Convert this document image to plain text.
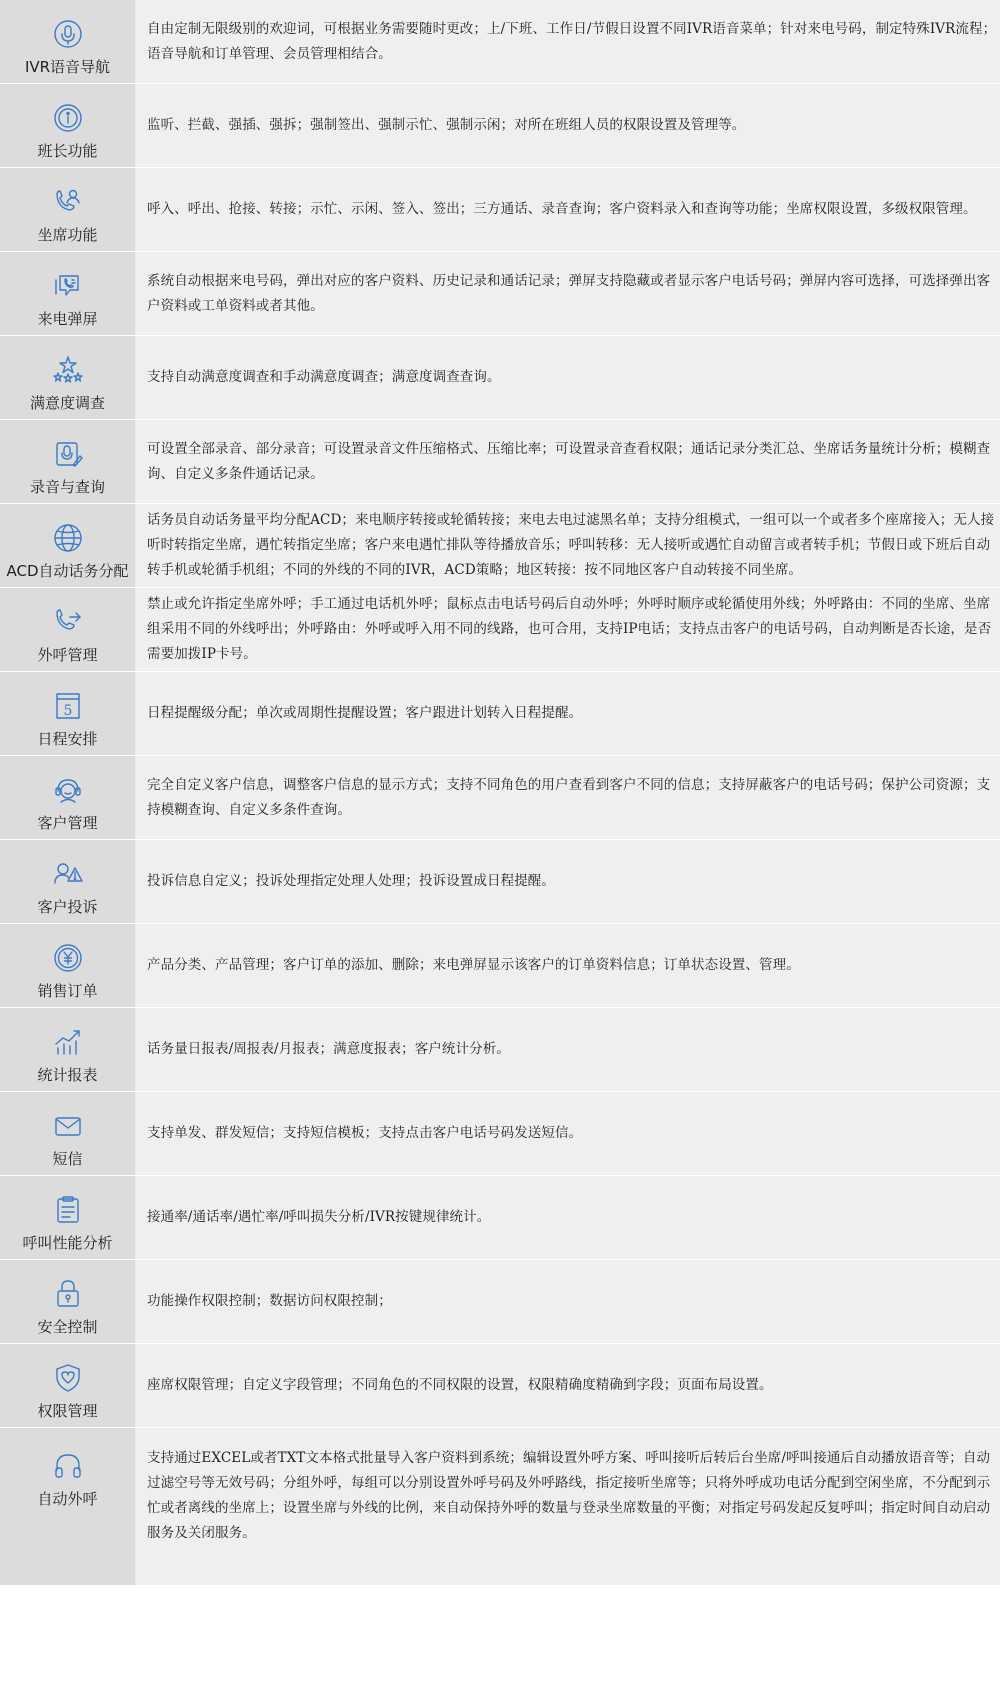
IVR语音导航
自由定制无限级别的欢迎词，可根据业务需要随时更改；上/下班、工作日/节假日设置不同IVR语音菜单；针对来电号码，制定特殊IVR流程；语音导航和订单管理、会员管理相结合。
班长功能
监听、拦截、强插、强拆；强制签出、强制示忙、强制示闲；对所在班组人员的权限设置及管理等。
坐席功能
呼入、呼出、抢接、转接；示忙、示闲、签入、签出；三方通话、录音查询；客户资料录入和查询等功能；坐席权限设置，多级权限管理。
来电弹屏
系统自动根据来电号码，弹出对应的客户资料、历史记录和通话记录；弹屏支持隐藏或者显示客户电话号码；弹屏内容可选择，可选择弹出客户资料或工单资料或者其他。
满意度调查
支持自动满意度调查和手动满意度调查；满意度调查查询。
录音与查询
可设置全部录音、部分录音；可设置录音文件压缩格式、压缩比率；可设置录音查看权限；通话记录分类汇总、坐席话务量统计分析；模糊查询、自定义多条件通话记录。
ACD自动话务分配
话务员自动话务量平均分配ACD；来电顺序转接或轮循转接；来电去电过滤黑名单；支持分组模式，一组可以一个或者多个座席接入；无人接听时转指定坐席，遇忙转指定坐席；客户来电遇忙排队等待播放音乐；呼叫转移：无人接听或遇忙自动留言或者转手机；节假日或下班后自动转手机或轮循手机组；不同的外线的不同的IVR，ACD策略；地区转接：按不同地区客户自动转接不同坐席。
外呼管理
禁止或允许指定坐席外呼；手工通过电话机外呼；鼠标点击电话号码后自动外呼；外呼时顺序或轮循使用外线；外呼路由：不同的坐席、坐席组采用不同的外线呼出；外呼路由：外呼或呼入用不同的线路，也可合用，支持IP电话；支持点击客户的电话号码，自动判断是否长途，是否需要加拨IP卡号。
5
日程安排
日程提醒级分配；单次或周期性提醒设置；客户跟进计划转入日程提醒。
客户管理
完全自定义客户信息，调整客户信息的显示方式；支持不同角色的用户查看到客户不同的信息；支持屏蔽客户的电话号码；保护公司资源；支持模糊查询、自定义多条件查询。
客户投诉
投诉信息自定义；投诉处理指定处理人处理；投诉设置成日程提醒。
销售订单
产品分类、产品管理；客户订单的添加、删除；来电弹屏显示该客户的订单资料信息；订单状态设置、管理。
统计报表
话务量日报表/周报表/月报表；满意度报表；客户统计分析。
短信
支持单发、群发短信；支持短信模板；支持点击客户电话号码发送短信。
呼叫性能分析
接通率/通话率/遇忙率/呼叫损失分析/IVR按键规律统计。
安全控制
功能操作权限控制；数据访问权限控制；
权限管理
座席权限管理；自定义字段管理；不同角色的不同权限的设置，权限精确度精确到字段；页面布局设置。
自动外呼
支持通过EXCEL或者TXT文本格式批量导入客户资料到系统；编辑设置外呼方案、呼叫接听后转后台坐席/呼叫接通后自动播放语音等；自动过滤空号等无效号码；分组外呼，每组可以分别设置外呼号码及外呼路线，指定接听坐席等；只将外呼成功电话分配到空闲坐席，不分配到示忙或者离线的坐席上；设置坐席与外线的比例，来自动保持外呼的数量与登录坐席数量的平衡；对指定号码发起反复呼叫；指定时间自动启动服务及关闭服务。
